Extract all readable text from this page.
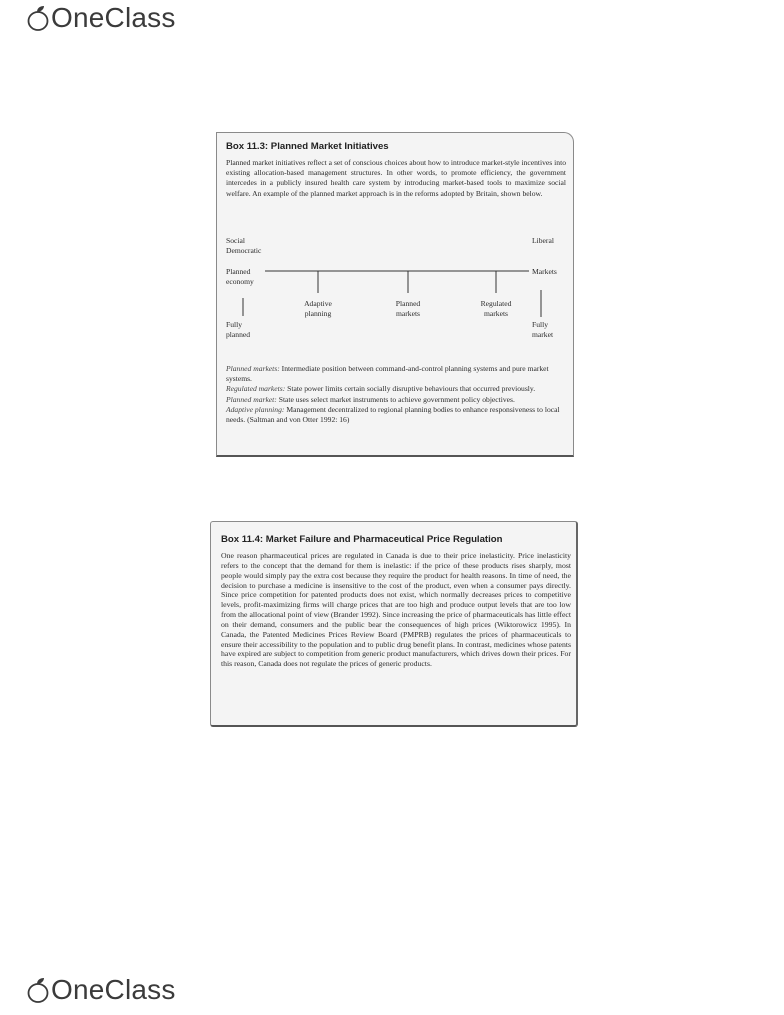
OneClass
Box 11.3: Planned Market Initiatives
Planned market initiatives reflect a set of conscious choices about how to introduce market-style incentives into existing allocation-based management structures. In other words, to promote efficiency, the government intercedes in a publicly insured health care system by introducing market-based tools to maximize social welfare. An example of the planned market approach is in the reforms adopted by Britain, shown below.
Social
Democratic
Liberal
Planned
economy
Markets
Fully
planned
Fully
market
Adaptive
planning
Planned
markets
Regulated
markets

Planned markets: Intermediate position between command-and-control planning systems and pure market systems.

Regulated markets: State power limits certain socially disruptive behaviours that occurred previously.

Planned market: State uses select market instruments to achieve government policy objectives.

Adaptive planning: Management decentralized to regional planning bodies to enhance responsiveness to local needs. (Saltman and von Otter 1992: 16)

Box 11.4: Market Failure and Pharmaceutical Price Regulation
One reason pharmaceutical prices are regulated in Canada is due to their price inelasticity. Price inelasticity refers to the concept that the demand for them is inelastic: if the price of these products rises sharply, most people would simply pay the extra cost because they require the product for health reasons. In time of need, the decision to purchase a medicine is insensitive to the cost of the product, even when a consumer pays directly. Since price competition for patented products does not exist, which normally decreases prices to competitive levels, profit-maximizing firms will charge prices that are too high and produce output levels that are too low from the allocational point of view (Brander 1992). Since increasing the price of pharmaceuticals has little effect on their demand, consumers and the public bear the consequences of high prices (Wiktorowicz 1995). In Canada, the Patented Medicines Prices Review Board (PMPRB) regulates the prices of pharmaceuticals to ensure their accessibility to the population and to public drug benefit plans. In contrast, medicines whose patents have expired are subject to competition from generic product manufacturers, which drives down their prices. For this reason, Canada does not regulate the prices of generic products.
OneClass
